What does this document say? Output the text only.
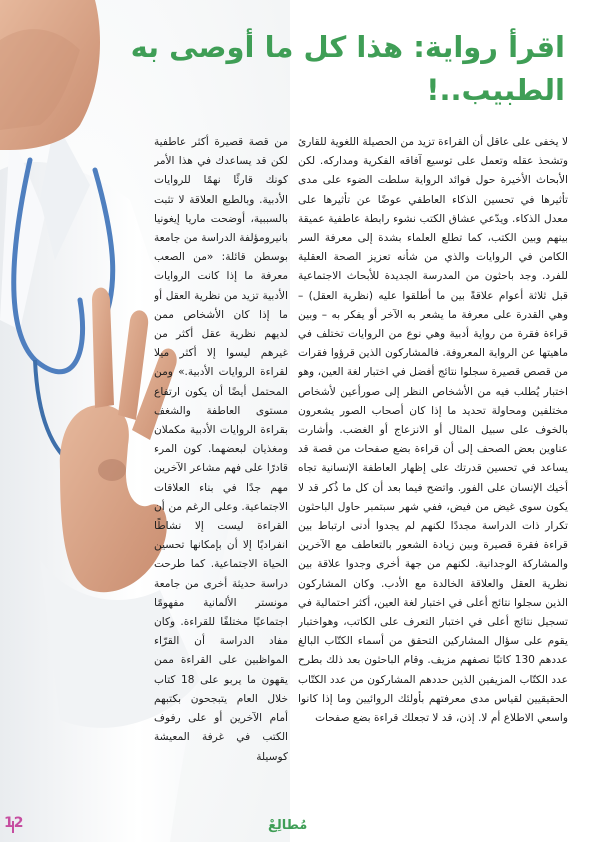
اقرأ رواية: هذا كل ما أوصى به
الطبيب..!

لا يخفى على عاقل أن القراءة تزيد من الحصيلة اللغوية للقارئ وتشحذ عقله وتعمل على توسيع آفاقه الفكرية ومداركه. لكن الأبحاث الأخيرة حول فوائد الرواية سلطت الضوء على مدى تأثيرها في تحسين الذكاء العاطفي عوضًا عن تأثيرها على معدل الذكاء. ويدّعي عشاق الكتب نشوء رابطة عاطفية عميقة بينهم وبين الكتب، كما تطلع العلماء بشدة إلى معرفة السر الكامن في الروايات والذي من شأنه تعزيز الصحة العقلية للفرد. وجد باحثون من المدرسة الجديدة للأبحاث الاجتماعية قبل ثلاثة أعوام علاقةً بين ما أطلقوا عليه (نظرية العقل) – وهي القدرة على معرفة ما يشعر به الآخر أو يفكر به – وبين قراءة فقرة من رواية أدبية وهي نوع من الروايات تختلف في ماهيتها عن الرواية المعروفة. فالمشاركون الذين قرؤوا فقرات من قصص قصيرة سجلوا نتائج أفضل في اختبار لغة العين، وهو اختبار يُطلب فيه من الأشخاص النظر إلى صورأعين لأشخاص مختلفين ومحاولة تحديد ما إذا كان أصحاب الصور يشعرون بالخوف على سبيل المثال أو الانزعاج أو الغضب. وأشارت عناوين بعض الصحف إلى أن قراءة بضع صفحات من قصة قد يساعد في تحسين قدرتك على إظهار العاطفة الإنسانية تجاه أخيك الإنسان على الفور. واتضح فيما بعد أن كل ما ذُكر قد لا يكون سوى غيض من فيض، ففي شهر سبتمبر حاول الباحثون تكرار ذات الدراسة مجددًا لكنهم لم يجدوا أدنى ارتباط بين قراءة فقرة قصيرة وبين زيادة الشعور بالتعاطف مع الآخرين والمشاركة الوجدانية. لكنهم من جهة أخرى وجدوا علاقة بين نظرية العقل والعلاقة الخالدة مع الأدب. وكان المشاركون الذين سجلوا نتائج أعلى في اختبار لغة العين، أكثر احتمالية في تسجيل نتائج أعلى في اختبار التعرف على الكاتب، وهواختبار يقوم على سؤال المشاركين التحقق من أسماء الكتّاب البالغ عددهم 130 كاتبًا نصفهم مزيف. وقام الباحثون بعد ذلك بطرح عدد الكتّاب المزيفين الذين حددهم المشاركون من عدد الكتّاب الحقيقيين لقياس مدى معرفتهم بأولئك الروائيين وما إذا كانوا واسعي الاطلاع أم لا. إذن، قد لا تجعلك قراءة بضع صفحات

من قصة قصيرة أكثر عاطفية لكن قد يساعدك في هذا الأمر كونك قارئًا نهمًا للروايات الأدبية. وبالطبع العلاقة لا تثبت بالسببية، أوضحت ماريا إيغونيا بانيرومؤلفة الدراسة من جامعة بوسطن قائلة: «من الصعب معرفة ما إذا كانت الروايات الأدبية تزيد من نظرية العقل أو ما إذا كان الأشخاص ممن لديهم نظرية عقل أكثر من غيرهم ليسوا إلا أكثر ميلا لقراءة الروايات الأدبية.» ومن المحتمل أيضًا أن يكون ارتفاع مستوى العاطفة والشغف بقراءة الروايات الأدبية مكملان ومغذيان لبعضهما. كون المرء قادرًا على فهم مشاعر الآخرين مهم جدًا في بناء العلاقات الاجتماعية. وعلى الرغم من أن القراءة ليست إلا نشاطًا انفراديًا إلا أن بإمكانها تحسين الحياة الاجتماعية. كما طرحت دراسة حديثة أخرى من جامعة مونستر الألمانية مفهومًا اجتماعيًا مختلفًا للقراءة. وكان مفاد الدراسة أن القرّاء المواظبين على القراءة ممن يقهون ما يربو على 18 كتاب خلال العام يتبجحون بكتبهم أمام الآخرين أو على رفوف الكتب في غرفة المعيشة كوسيلة

12	مُطالِعْ
